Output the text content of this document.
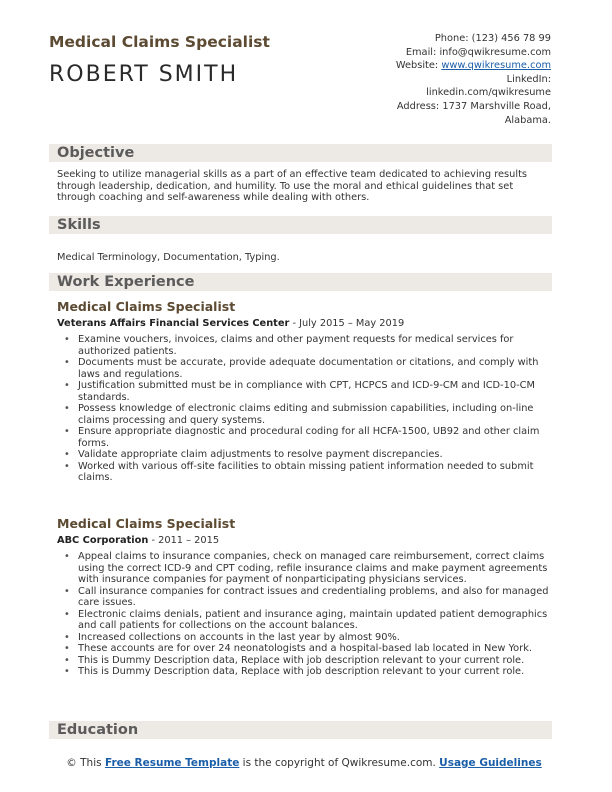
Medical Claims Specialist
ROBERT SMITH
Phone: (123) 456 78 99
Email: info@qwikresume.com
Website: www.qwikresume.com
LinkedIn:
linkedin.com/qwikresume
Address: 1737 Marshville Road,
Alabama.
Objective
Seeking to utilize managerial skills as a part of an effective team dedicated to achieving results through leadership, dedication, and humility. To use the moral and ethical guidelines that set through coaching and self-awareness while dealing with others.
Skills
Medical Terminology, Documentation, Typing.
Work Experience
Medical Claims Specialist
Veterans Affairs Financial Services Center - July 2015 – May 2019
• Examine vouchers, invoices, claims and other payment requests for medical services for authorized patients.
• Documents must be accurate, provide adequate documentation or citations, and comply with laws and regulations.
• Justification submitted must be in compliance with CPT, HCPCS and ICD-9-CM and ICD-10-CM standards.
• Possess knowledge of electronic claims editing and submission capabilities, including on-line claims processing and query systems.
• Ensure appropriate diagnostic and procedural coding for all HCFA-1500, UB92 and other claim forms.
• Validate appropriate claim adjustments to resolve payment discrepancies.
• Worked with various off-site facilities to obtain missing patient information needed to submit claims.
Medical Claims Specialist
ABC Corporation - 2011 – 2015
• Appeal claims to insurance companies, check on managed care reimbursement, correct claims using the correct ICD-9 and CPT coding, refile insurance claims and make payment agreements with insurance companies for payment of nonparticipating physicians services.
• Call insurance companies for contract issues and credentialing problems, and also for managed care issues.
• Electronic claims denials, patient and insurance aging, maintain updated patient demographics and call patients for collections on the account balances.
• Increased collections on accounts in the last year by almost 90%.
• These accounts are for over 24 neonatologists and a hospital-based lab located in New York.
• This is Dummy Description data, Replace with job description relevant to your current role.
• This is Dummy Description data, Replace with job description relevant to your current role.
Education
© This Free Resume Template is the copyright of Qwikresume.com. Usage Guidelines
